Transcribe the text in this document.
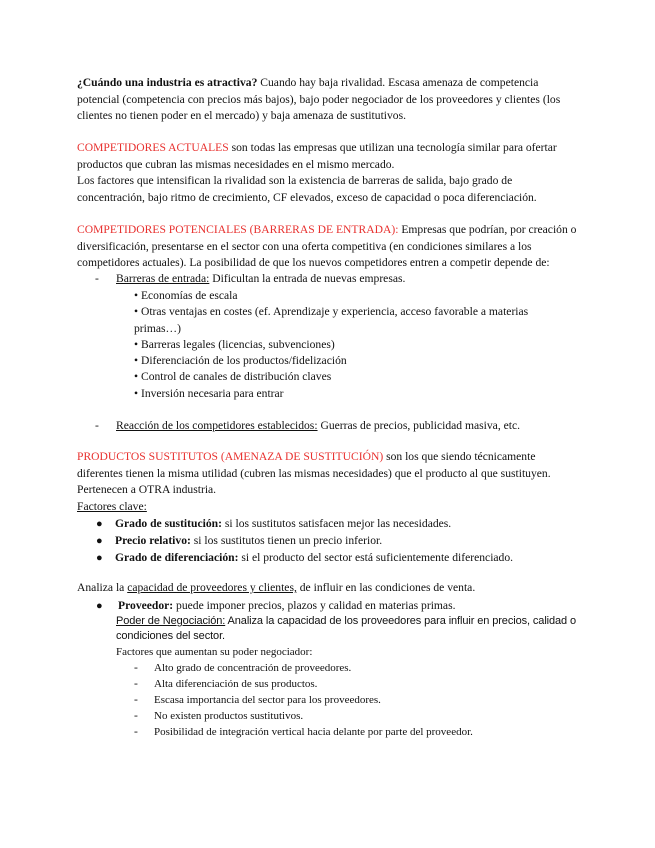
¿Cuándo una industria es atractiva? Cuando hay baja rivalidad. Escasa amenaza de competencia potencial (competencia con precios más bajos), bajo poder negociador de los proveedores y clientes (los clientes no tienen poder en el mercado) y baja amenaza de sustitutivos.

COMPETIDORES ACTUALES son todas las empresas que utilizan una tecnología similar para ofertar productos que cubran las mismas necesidades en el mismo mercado.

Los factores que intensifican la rivalidad son la existencia de barreras de salida, bajo grado de concentración, bajo ritmo de crecimiento, CF elevados, exceso de capacidad o poca diferenciación.

COMPETIDORES POTENCIALES (BARRERAS DE ENTRADA): Empresas que podrían, por creación o diversificación, presentarse en el sector con una oferta competitiva (en condiciones similares a los competidores actuales). La posibilidad de que los nuevos competidores entren a competir depende de:

- Barreras de entrada: Dificultan la entrada de nuevas empresas.
• Economías de escala
• Otras ventajas en costes (ef. Aprendizaje y experiencia, acceso favorable a materias primas…)
• Barreras legales (licencias, subvenciones)
• Diferenciación de los productos/fidelización
• Control de canales de distribución claves
• Inversión necesaria para entrar
- Reacción de los competidores establecidos: Guerras de precios, publicidad masiva, etc.

PRODUCTOS SUSTITUTOS (AMENAZA DE SUSTITUCIÓN) son los que siendo técnicamente diferentes tienen la misma utilidad (cubren las mismas necesidades) que el producto al que sustituyen. Pertenecen a OTRA industria.

Factores clave:
● Grado de sustitución: si los sustitutos satisfacen mejor las necesidades.
● Precio relativo: si los sustitutos tienen un precio inferior.
● Grado de diferenciación: si el producto del sector está suficientemente diferenciado.
Analiza la capacidad de proveedores y clientes, de influir en las condiciones de venta.
● Proveedor: puede imponer precios, plazos y calidad en materias primas.

Poder de Negociación: Analiza la capacidad de los proveedores para influir en precios, calidad o condiciones del sector.

Factores que aumentan su poder negociador:
- Alto grado de concentración de proveedores.
- Alta diferenciación de sus productos.
- Escasa importancia del sector para los proveedores.
- No existen productos sustitutivos.
- Posibilidad de integración vertical hacia delante por parte del proveedor.
